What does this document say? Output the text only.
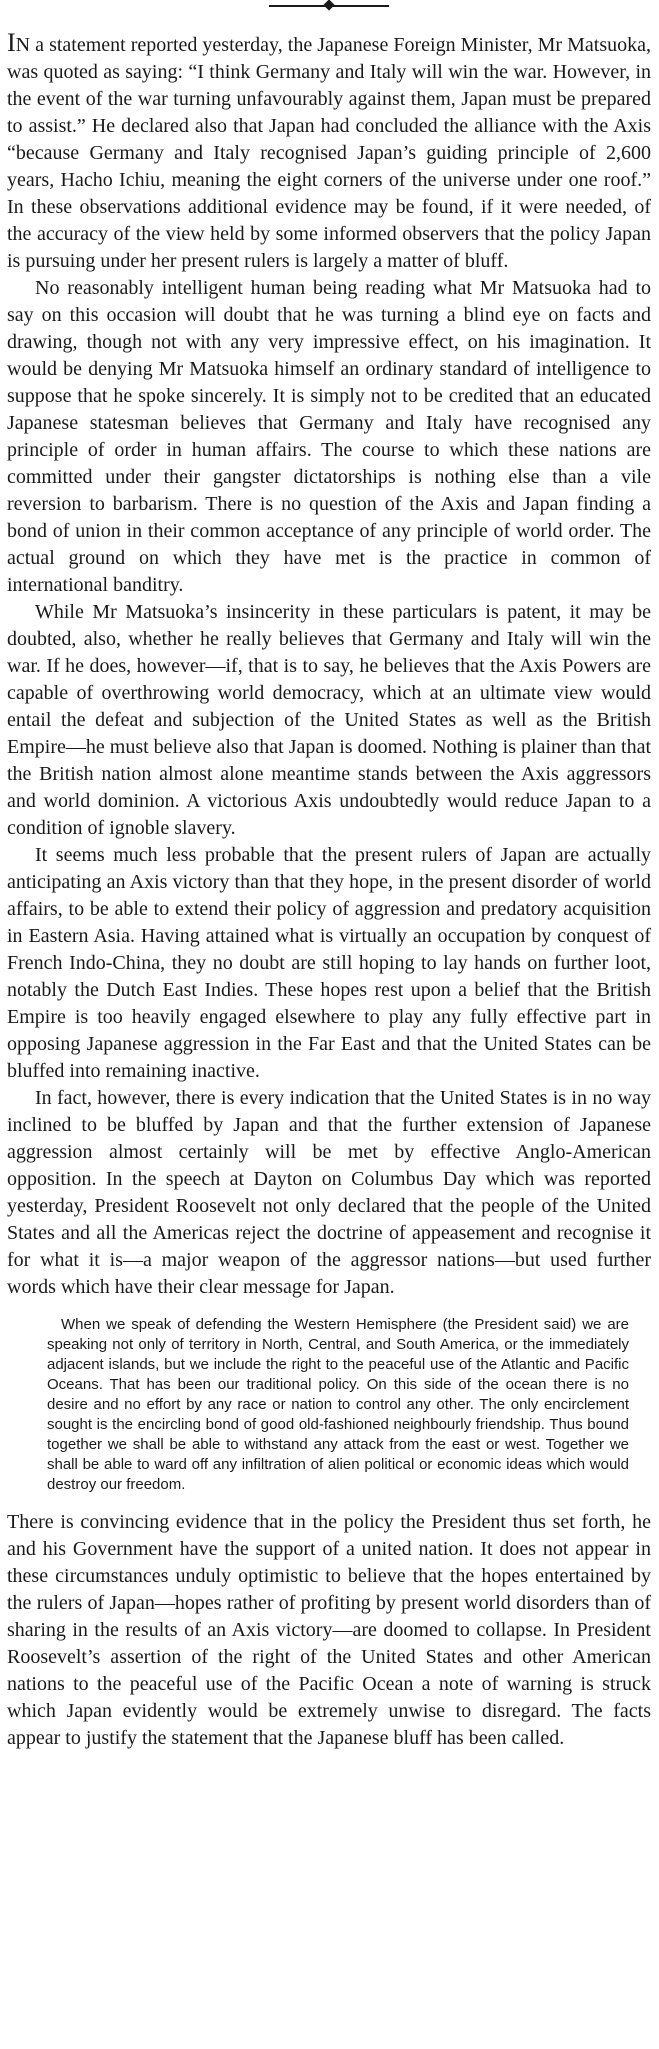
IN a statement reported yesterday, the Japanese Foreign Minister, Mr Matsuoka, was quoted as saying: “I think Germany and Italy will win the war. However, in the event of the war turning unfavourably against them, Japan must be prepared to assist.” He declared also that Japan had concluded the alliance with the Axis “because Germany and Italy recognised Japan’s guiding principle of 2,600 years, Hacho Ichiu, meaning the eight corners of the universe under one roof.” In these observations additional evidence may be found, if it were needed, of the accuracy of the view held by some informed observers that the policy Japan is pursuing under her present rulers is largely a matter of bluff.

No reasonably intelligent human being reading what Mr Matsuoka had to say on this occasion will doubt that he was turning a blind eye on facts and drawing, though not with any very impressive effect, on his imagination. It would be denying Mr Matsuoka himself an ordinary standard of intelligence to suppose that he spoke sincerely. It is simply not to be credited that an educated Japanese statesman believes that Germany and Italy have recognised any principle of order in human affairs. The course to which these nations are committed under their gangster dictatorships is nothing else than a vile reversion to barbarism. There is no question of the Axis and Japan finding a bond of union in their common acceptance of any principle of world order. The actual ground on which they have met is the practice in common of international banditry.

While Mr Matsuoka’s insincerity in these particulars is patent, it may be doubted, also, whether he really believes that Germany and Italy will win the war. If he does, however—if, that is to say, he believes that the Axis Powers are capable of overthrowing world democracy, which at an ultimate view would entail the defeat and subjection of the United States as well as the British Empire—he must believe also that Japan is doomed. Nothing is plainer than that the British nation almost alone meantime stands between the Axis aggressors and world dominion. A victorious Axis undoubtedly would reduce Japan to a condition of ignoble slavery.

It seems much less probable that the present rulers of Japan are actually anticipating an Axis victory than that they hope, in the present disorder of world affairs, to be able to extend their policy of aggression and predatory acquisition in Eastern Asia. Having attained what is virtually an occupation by conquest of French Indo-China, they no doubt are still hoping to lay hands on further loot, notably the Dutch East Indies. These hopes rest upon a belief that the British Empire is too heavily engaged elsewhere to play any fully effective part in opposing Japanese aggression in the Far East and that the United States can be bluffed into remaining inactive.

In fact, however, there is every indication that the United States is in no way inclined to be bluffed by Japan and that the further extension of Japanese aggression almost certainly will be met by effective Anglo-American opposition. In the speech at Dayton on Columbus Day which was reported yesterday, President Roosevelt not only declared that the people of the United States and all the Americas reject the doctrine of appeasement and recognise it for what it is—a major weapon of the aggressor nations—but used further words which have their clear message for Japan.

When we speak of defending the Western Hemisphere (the President said) we are speaking not only of territory in North, Central, and South America, or the immediately adjacent islands, but we include the right to the peaceful use of the Atlantic and Pacific Oceans. That has been our traditional policy. On this side of the ocean there is no desire and no effort by any race or nation to control any other. The only encirclement sought is the encircling bond of good old-fashioned neighbourly friendship. Thus bound together we shall be able to withstand any attack from the east or west. Together we shall be able to ward off any infiltration of alien political or economic ideas which would destroy our freedom.

There is convincing evidence that in the policy the President thus set forth, he and his Government have the support of a united nation. It does not appear in these circumstances unduly optimistic to believe that the hopes entertained by the rulers of Japan—hopes rather of profiting by present world disorders than of sharing in the results of an Axis victory—are doomed to collapse. In President Roosevelt’s assertion of the right of the United States and other American nations to the peaceful use of the Pacific Ocean a note of warning is struck which Japan evidently would be extremely unwise to disregard. The facts appear to justify the statement that the Japanese bluff has been called.
